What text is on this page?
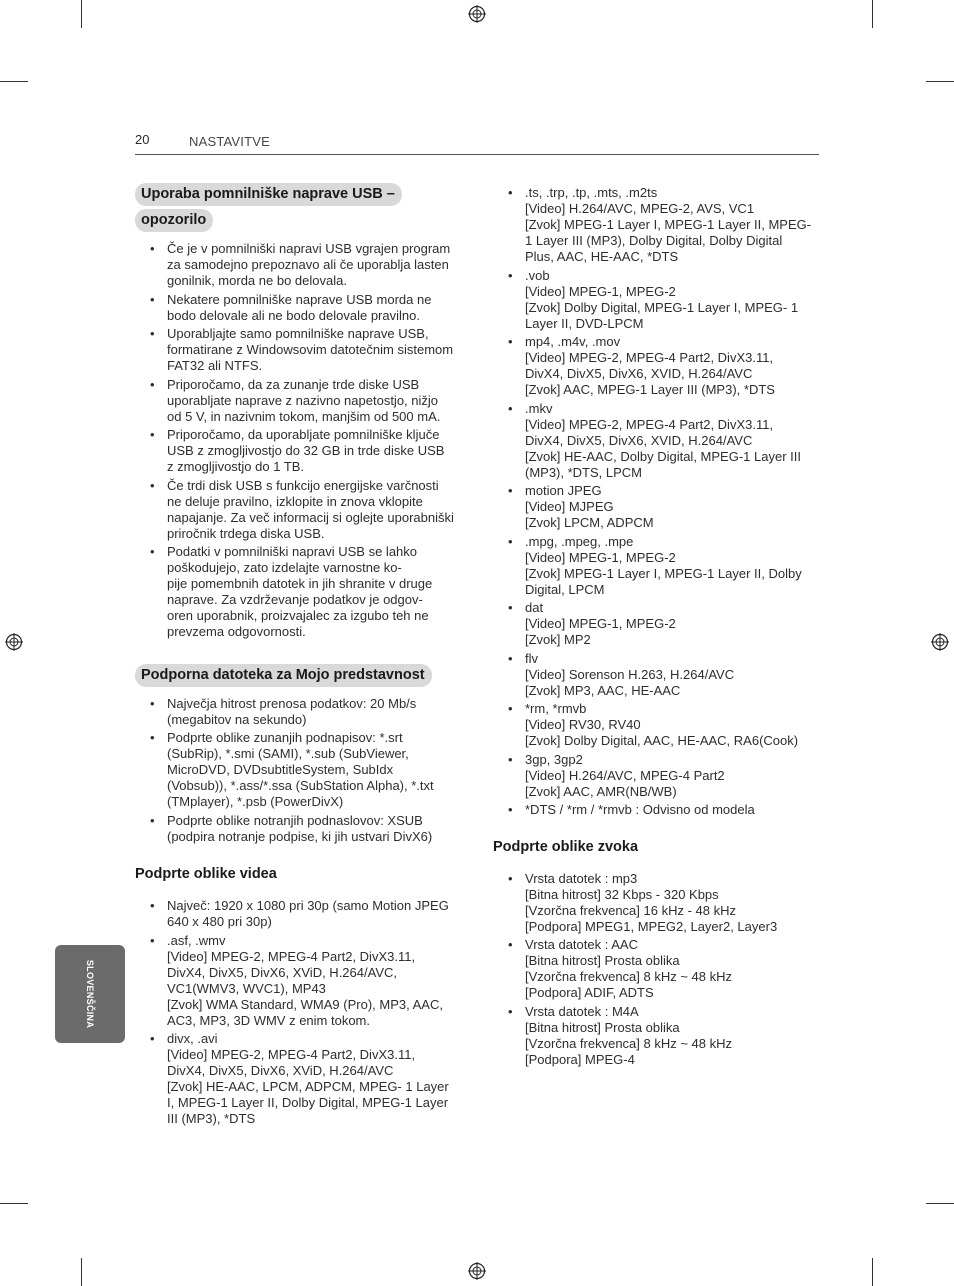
20	NASTAVITVE
Uporaba pomnilniške naprave USB –
opozorilo
• Če je v pomnilniški napravi USB vgrajen program
za samodejno prepoznavo ali če uporablja lasten
gonilnik, morda ne bo delovala.
• Nekatere pomnilniške naprave USB morda ne
bodo delovale ali ne bodo delovale pravilno.
• Uporabljajte samo pomnilniške naprave USB,
formatirane z Windowsovim datotečnim sistemom
FAT32 ali NTFS.
• Priporočamo, da za zunanje trde diske USB
uporabljate naprave z nazivno napetostjo, nižjo
od 5 V, in nazivnim tokom, manjšim od 500 mA.
• Priporočamo, da uporabljate pomnilniške ključe
USB z zmogljivostjo do 32 GB in trde diske USB
z zmogljivostjo do 1 TB.
• Če trdi disk USB s funkcijo energijske varčnosti
ne deluje pravilno, izklopite in znova vklopite
napajanje. Za več informacij si oglejte uporabniški
priročnik trdega diska USB.
• Podatki v pomnilniški napravi USB se lahko
poškodujejo, zato izdelajte varnostne ko-
pije pomembnih datotek in jih shranite v druge
naprave. Za vzdrževanje podatkov je odgov-
oren uporabnik, proizvajalec za izgubo teh ne
prevzema odgovornosti.
Podporna datoteka za Mojo predstavnost
• Največja hitrost prenosa podatkov: 20 Mb/s
(megabitov na sekundo)
• Podprte oblike zunanjih podnapisov: *.srt
(SubRip), *.smi (SAMI), *.sub (SubViewer,
MicroDVD, DVDsubtitleSystem, SubIdx
(Vobsub)), *.ass/*.ssa (SubStation Alpha), *.txt
(TMplayer), *.psb (PowerDivX)
• Podprte oblike notranjih podnaslovov: XSUB
(podpira notranje podpise, ki jih ustvari DivX6)
Podprte oblike videa
• Največ: 1920 x 1080 pri 30p (samo Motion JPEG
640 x 480 pri 30p)
• .asf, .wmv
[Video] MPEG-2, MPEG-4 Part2, DivX3.11,
DivX4, DivX5, DivX6, XViD, H.264/AVC,
VC1(WMV3, WVC1), MP43
[Zvok] WMA Standard, WMA9 (Pro), MP3, AAC,
AC3, MP3, 3D WMV z enim tokom.
• divx, .avi
[Video] MPEG-2, MPEG-4 Part2, DivX3.11,
DivX4, DivX5, DivX6, XViD, H.264/AVC
[Zvok] HE-AAC, LPCM, ADPCM, MPEG- 1 Layer
I, MPEG-1 Layer II, Dolby Digital, MPEG-1 Layer
III (MP3), *DTS
• .ts, .trp, .tp, .mts, .m2ts
[Video] H.264/AVC, MPEG-2, AVS, VC1
[Zvok] MPEG-1 Layer I, MPEG-1 Layer II, MPEG-
1 Layer III (MP3), Dolby Digital, Dolby Digital
Plus, AAC, HE-AAC, *DTS
• .vob
[Video] MPEG-1, MPEG-2
[Zvok] Dolby Digital, MPEG-1 Layer I, MPEG- 1
Layer II, DVD-LPCM
• mp4, .m4v, .mov
[Video] MPEG-2, MPEG-4 Part2, DivX3.11,
DivX4, DivX5, DivX6, XVID, H.264/AVC
[Zvok] AAC, MPEG-1 Layer III (MP3), *DTS
• .mkv
[Video] MPEG-2, MPEG-4 Part2, DivX3.11,
DivX4, DivX5, DivX6, XVID, H.264/AVC
[Zvok] HE-AAC, Dolby Digital, MPEG-1 Layer III
(MP3), *DTS, LPCM
• motion JPEG
[Video] MJPEG
[Zvok] LPCM, ADPCM
• .mpg, .mpeg, .mpe
[Video] MPEG-1, MPEG-2
[Zvok] MPEG-1 Layer I, MPEG-1 Layer II, Dolby
Digital, LPCM
• dat
[Video] MPEG-1, MPEG-2
[Zvok] MP2
• flv
[Video] Sorenson H.263, H.264/AVC
[Zvok] MP3, AAC, HE-AAC
• *rm, *rmvb
[Video] RV30, RV40
[Zvok] Dolby Digital, AAC, HE-AAC, RA6(Cook)
• 3gp, 3gp2
[Video] H.264/AVC, MPEG-4 Part2
[Zvok] AAC, AMR(NB/WB)
• *DTS / *rm / *rmvb : Odvisno od modela
Podprte oblike zvoka
• Vrsta datotek : mp3
[Bitna hitrost] 32 Kbps - 320 Kbps
[Vzorčna frekvenca] 16 kHz - 48 kHz
[Podpora] MPEG1, MPEG2, Layer2, Layer3
• Vrsta datotek : AAC
[Bitna hitrost] Prosta oblika
[Vzorčna frekvenca] 8 kHz ~ 48 kHz
[Podpora] ADIF, ADTS
• Vrsta datotek : M4A
[Bitna hitrost] Prosta oblika
[Vzorčna frekvenca] 8 kHz ~ 48 kHz
[Podpora] MPEG-4
SLOVENŠČINA
